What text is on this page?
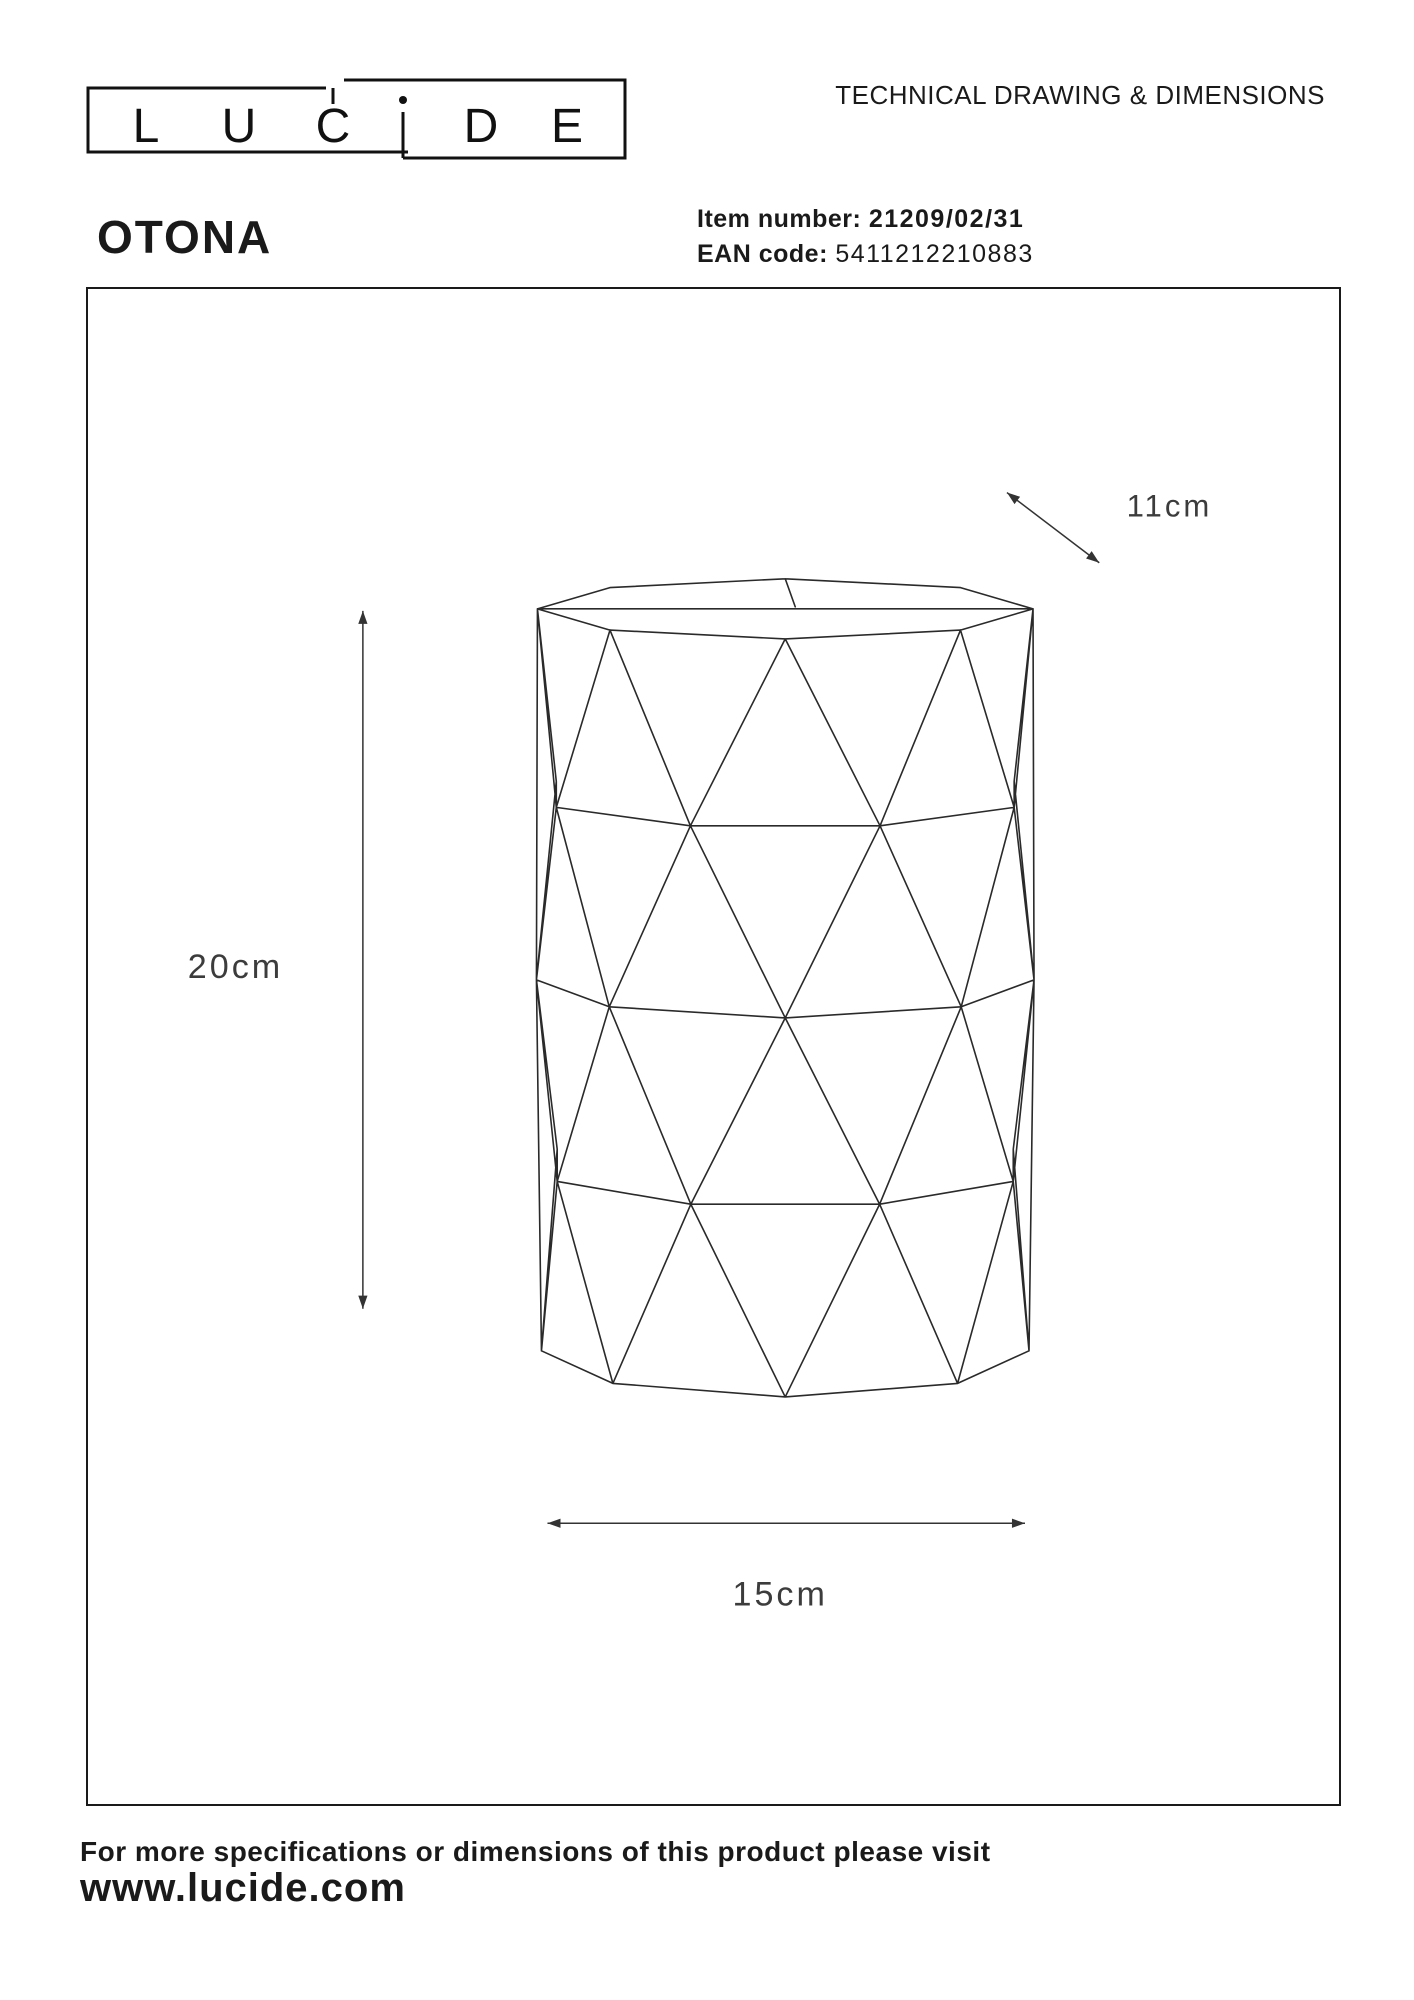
L U C D E
TECHNICAL DRAWING & DIMENSIONS
OTONA	Item number: 21209/02/31
EAN code: 5411212210883
20cm
15cm
11cm
For more specifications or dimensions of this product please visit
www.lucide.com
